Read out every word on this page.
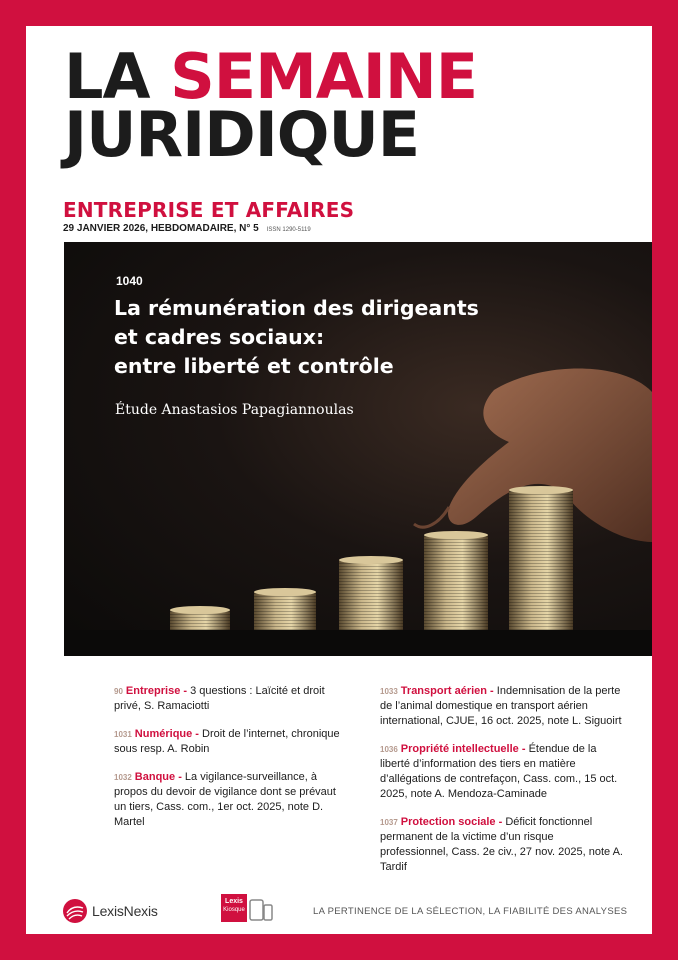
LA SEMAINE
JURIDIQUE
ENTREPRISE ET AFFAIRES
29 JANVIER 2026, HEBDOMADAIRE, N° 5 ISSN 1290-5119
1040
La rémunération des dirigeants
et cadres sociaux:
entre liberté et contrôle
Étude Anastasios Papagiannoulas
90 Entreprise - 3 questions : Laïcité et droit privé, S. Ramaciotti
1031 Numérique - Droit de l’internet, chronique sous resp. A. Robin
1032 Banque - La vigilance-surveillance, à propos du devoir de vigilance dont se prévaut un tiers, Cass. com., 1er oct. 2025, note D. Martel
1033 Transport aérien - Indemnisation de la perte de l’animal domestique en transport aérien international, CJUE, 16 oct. 2025, note L. Siguoirt
1036 Propriété intellectuelle - Étendue de la liberté d’information des tiers en matière d’allégations de contrefaçon, Cass. com., 15 oct. 2025, note A. Mendoza-Caminade
1037 Protection sociale - Déficit fonctionnel permanent de la victime d’un risque professionnel, Cass. 2e civ., 27 nov. 2025, note A. Tardif
LexisNexis
Lexis
Kiosque	LA PERTINENCE DE LA SÉLECTION, LA FIABILITÉ DES ANALYSES
